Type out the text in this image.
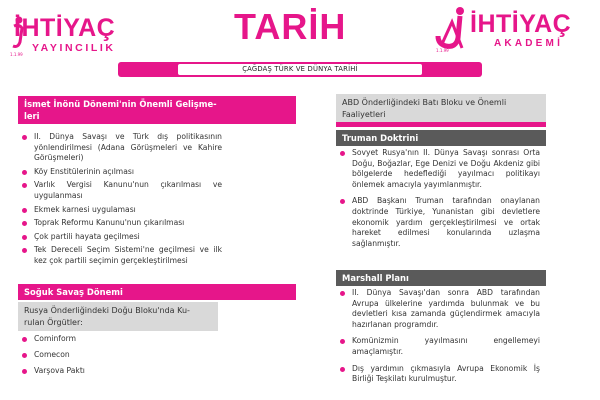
İHTİYAÇ
YAYINCILIK
1.1.99
TARİH	İHTİYAÇ
AKADEMİ
1.1.99
ÇAĞDAŞ TÜRK VE DÜNYA TARİHİ
İsmet İnönü Dönemi'nin Önemli Gelişme-
leri
II. Dünya Savaşı ve Türk dış politikasının yönlendirilmesi (Adana Görüşmeleri ve Kahire Görüşmeleri)
Köy Enstitülerinin açılması
Varlık Vergisi Kanunu'nun çıkarılması ve uygulanması
Ekmek karnesi uygulaması
Toprak Reformu Kanunu'nun çıkarılması
Çok partili hayata geçilmesi
Tek Dereceli Seçim Sistemi'ne geçilmesi ve ilk kez çok partili seçimin gerçekleştirilmesi
Soğuk Savaş Dönemi
Rusya Önderliğindeki Doğu Bloku'nda Ku-
rulan Örgütler:
Cominform
Comecon
Varşova Paktı
ABD Önderliğindeki Batı Bloku ve Önemli
Faaliyetleri
Truman Doktrini
Sovyet Rusya'nın II. Dünya Savaşı sonrası Orta Doğu, Boğazlar, Ege Denizi ve Doğu Akdeniz gibi bölgelerde hedeflediği yayılmacı politikayı önlemek amacıyla yayımlanmıştır.
ABD Başkanı Truman tarafından onaylanan doktrinde Türkiye, Yunanistan gibi devletlere ekonomik yardım gerçekleştirilmesi ve ortak hareket edilmesi konularında uzlaşma sağlanmıştır.
Marshall Planı
II. Dünya Savaşı'dan sonra ABD tarafından Avrupa ülkelerine yardımda bulunmak ve bu devletleri kısa zamanda güçlendirmek amacıyla hazırlanan programdır.
Komünizmin yayılmasını engellemeyi amaçlamıştır.
Dış yardımın çıkmasıyla Avrupa Ekonomik İş Birliği Teşkilatı kurulmuştur.
